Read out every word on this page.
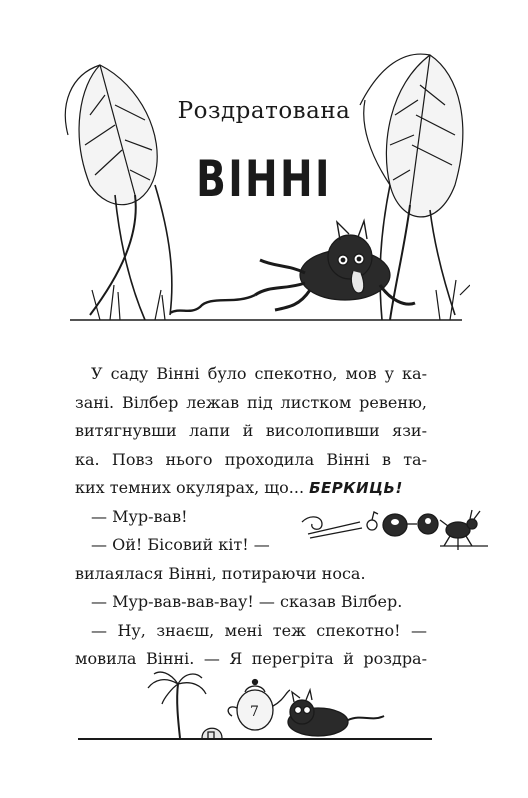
Роздратована
ВІННІ
У саду Вінні було спекотно, мов у ка-
зані. Вілбер лежав під листком ревеню,
витягнувши лапи й висолопивши язи-
ка. Повз нього проходила Вінні в та-
ких темних окулярах, що... БЕРКИЦЬ!
— Мур-вав!
— Ой! Бісовий кіт! —
вилаялася Вінні, потираючи носа.
— Мур-вав-вав-вау! — сказав Вілбер.
— Ну, знаєш, мені теж спекотно! —
мовила Вінні. — Я перегріта й роздра-
7
